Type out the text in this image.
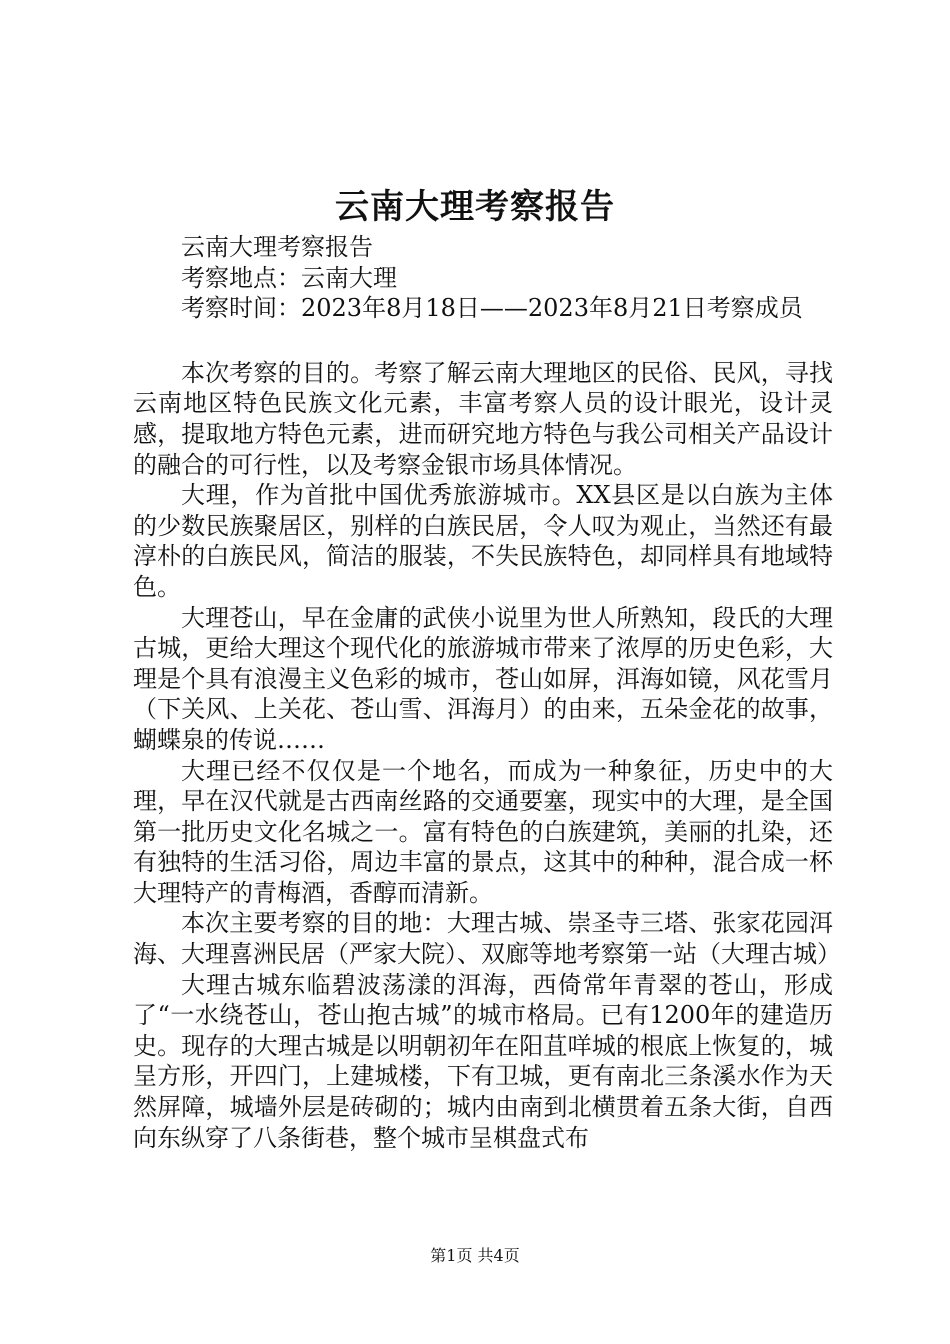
云南大理考察报告
云南大理考察报告
考察地点：云南大理
考察时间：2023年8月18日——2023年8月21日考察成员

本次考察的目的。考察了解云南大理地区的民俗、民风，寻找云南地区特色民族文化元素，丰富考察人员的设计眼光，设计灵感，提取地方特色元素，进而研究地方特色与我公司相关产品设计的融合的可行性，以及考察金银市场具体情况。

大理，作为首批中国优秀旅游城市。XX县区是以白族为主体的少数民族聚居区，别样的白族民居，令人叹为观止，当然还有最淳朴的白族民风，简洁的服装，不失民族特色，却同样具有地域特色。

大理苍山，早在金庸的武侠小说里为世人所熟知，段氏的大理古城，更给大理这个现代化的旅游城市带来了浓厚的历史色彩，大理是个具有浪漫主义色彩的城市，苍山如屏，洱海如镜，风花雪月（下关风、上关花、苍山雪、洱海月）的由来，五朵金花的故事，蝴蝶泉的传说……

大理已经不仅仅是一个地名，而成为一种象征，历史中的大理，早在汉代就是古西南丝路的交通要塞，现实中的大理，是全国第一批历史文化名城之一。富有特色的白族建筑，美丽的扎染，还有独特的生活习俗，周边丰富的景点，这其中的种种，混合成一杯大理特产的青梅酒，香醇而清新。

本次主要考察的目的地：大理古城、崇圣寺三塔、张家花园洱海、大理喜洲民居（严家大院）、双廊等地考察第一站（大理古城）

大理古城东临碧波荡漾的洱海，西倚常年青翠的苍山，形成了“一水绕苍山，苍山抱古城”的城市格局。已有1200年的建造历史。现存的大理古城是以明朝初年在阳苴咩城的根底上恢复的，城呈方形，开四门，上建城楼，下有卫城，更有南北三条溪水作为天然屏障，城墙外层是砖砌的；城内由南到北横贯着五条大街，自西向东纵穿了八条街巷，整个城市呈棋盘式布

第1页 共4页
